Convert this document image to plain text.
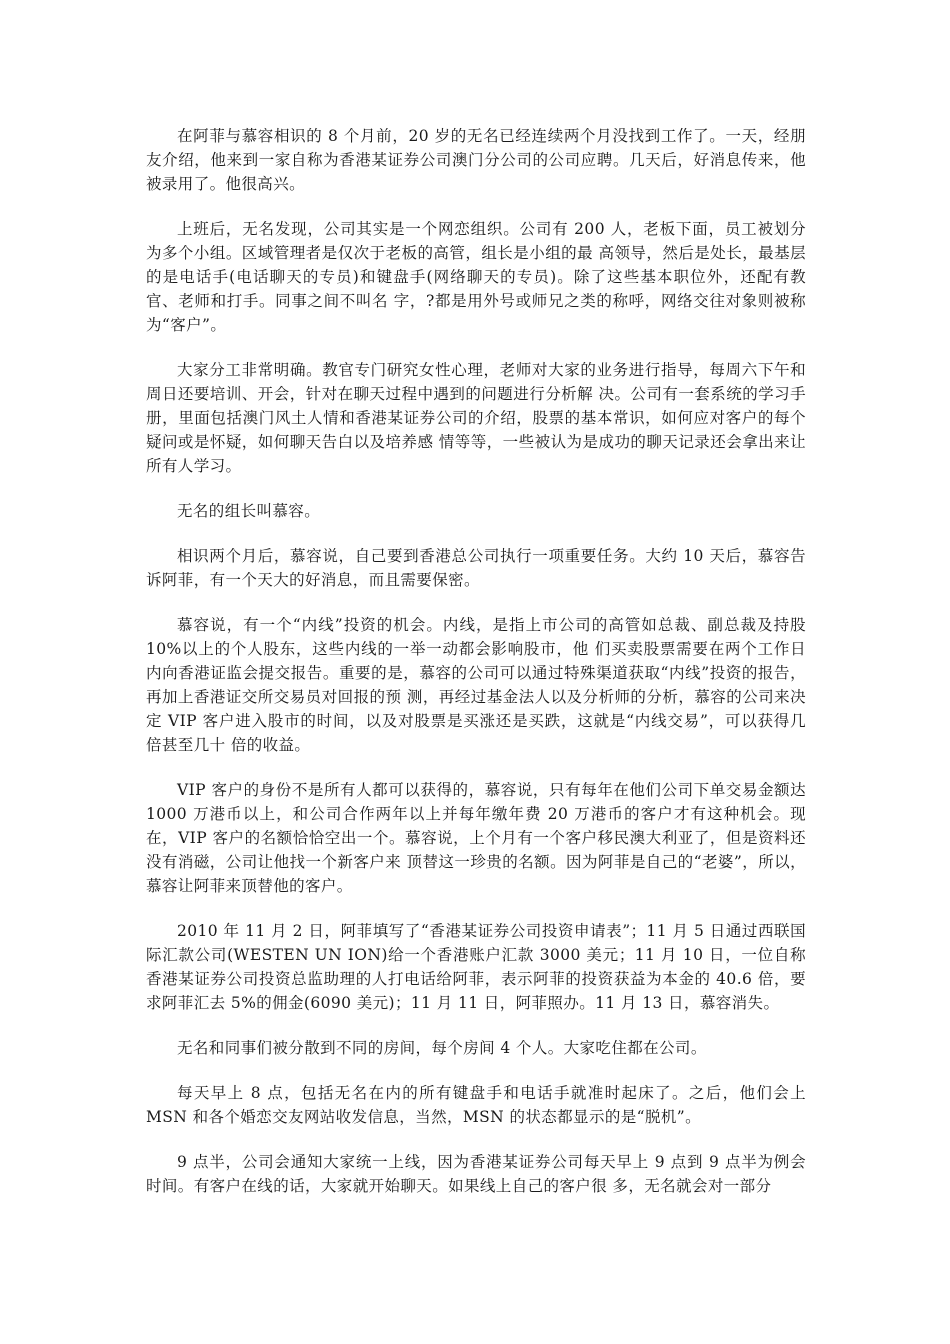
在阿菲与慕容相识的 8 个月前，20 岁的无名已经连续两个月没找到工作了。一天，经朋友介绍，他来到一家自称为香港某证券公司澳门分公司的公司应聘。几天后，好消息传来，他被录用了。他很高兴。

上班后，无名发现，公司其实是一个网恋组织。公司有 200 人，老板下面，员工被划分为多个小组。区域管理者是仅次于老板的高管，组长是小组的最 高领导，然后是处长，最基层的是电话手(电话聊天的专员)和键盘手(网络聊天的专员)。除了这些基本职位外，还配有教官、老师和打手。同事之间不叫名 字，?都是用外号或师兄之类的称呼，网络交往对象则被称为“客户”。

大家分工非常明确。教官专门研究女性心理，老师对大家的业务进行指导，每周六下午和周日还要培训、开会，针对在聊天过程中遇到的问题进行分析解 决。公司有一套系统的学习手册，里面包括澳门风土人情和香港某证券公司的介绍，股票的基本常识，如何应对客户的每个疑问或是怀疑，如何聊天告白以及培养感 情等等，一些被认为是成功的聊天记录还会拿出来让所有人学习。

无名的组长叫慕容。

相识两个月后，慕容说，自己要到香港总公司执行一项重要任务。大约 10 天后，慕容告诉阿菲，有一个天大的好消息，而且需要保密。

慕容说，有一个“内线”投资的机会。内线，是指上市公司的高管如总裁、副总裁及持股 10%以上的个人股东，这些内线的一举一动都会影响股市，他 们买卖股票需要在两个工作日内向香港证监会提交报告。重要的是，慕容的公司可以通过特殊渠道获取“内线”投资的报告，再加上香港证交所交易员对回报的预 测，再经过基金法人以及分析师的分析，慕容的公司来决定 VIP 客户进入股市的时间，以及对股票是买涨还是买跌，这就是“内线交易”，可以获得几倍甚至几十 倍的收益。

VIP 客户的身份不是所有人都可以获得的，慕容说，只有每年在他们公司下单交易金额达 1000 万港币以上，和公司合作两年以上并每年缴年费 20 万港币的客户才有这种机会。现在，VIP 客户的名额恰恰空出一个。慕容说，上个月有一个客户移民澳大利亚了，但是资料还没有消磁，公司让他找一个新客户来 顶替这一珍贵的名额。因为阿菲是自己的“老婆”，所以，慕容让阿菲来顶替他的客户。

2010 年 11 月 2 日，阿菲填写了“香港某证券公司投资申请表”；11 月 5 日通过西联国际汇款公司(WESTEN UN ION)给一个香港账户汇款 3000 美元；11 月 10 日，一位自称香港某证券公司投资总监助理的人打电话给阿菲，表示阿菲的投资获益为本金的 40.6 倍，要求阿菲汇去 5%的佣金(6090 美元)；11 月 11 日，阿菲照办。11 月 13 日，慕容消失。

无名和同事们被分散到不同的房间，每个房间 4 个人。大家吃住都在公司。

每天早上 8 点，包括无名在内的所有键盘手和电话手就准时起床了。之后，他们会上 MSN 和各个婚恋交友网站收发信息，当然，MSN 的状态都显示的是“脱机”。

9 点半，公司会通知大家统一上线，因为香港某证券公司每天早上 9 点到 9 点半为例会时间。有客户在线的话，大家就开始聊天。如果线上自己的客户很 多，无名就会对一部分
